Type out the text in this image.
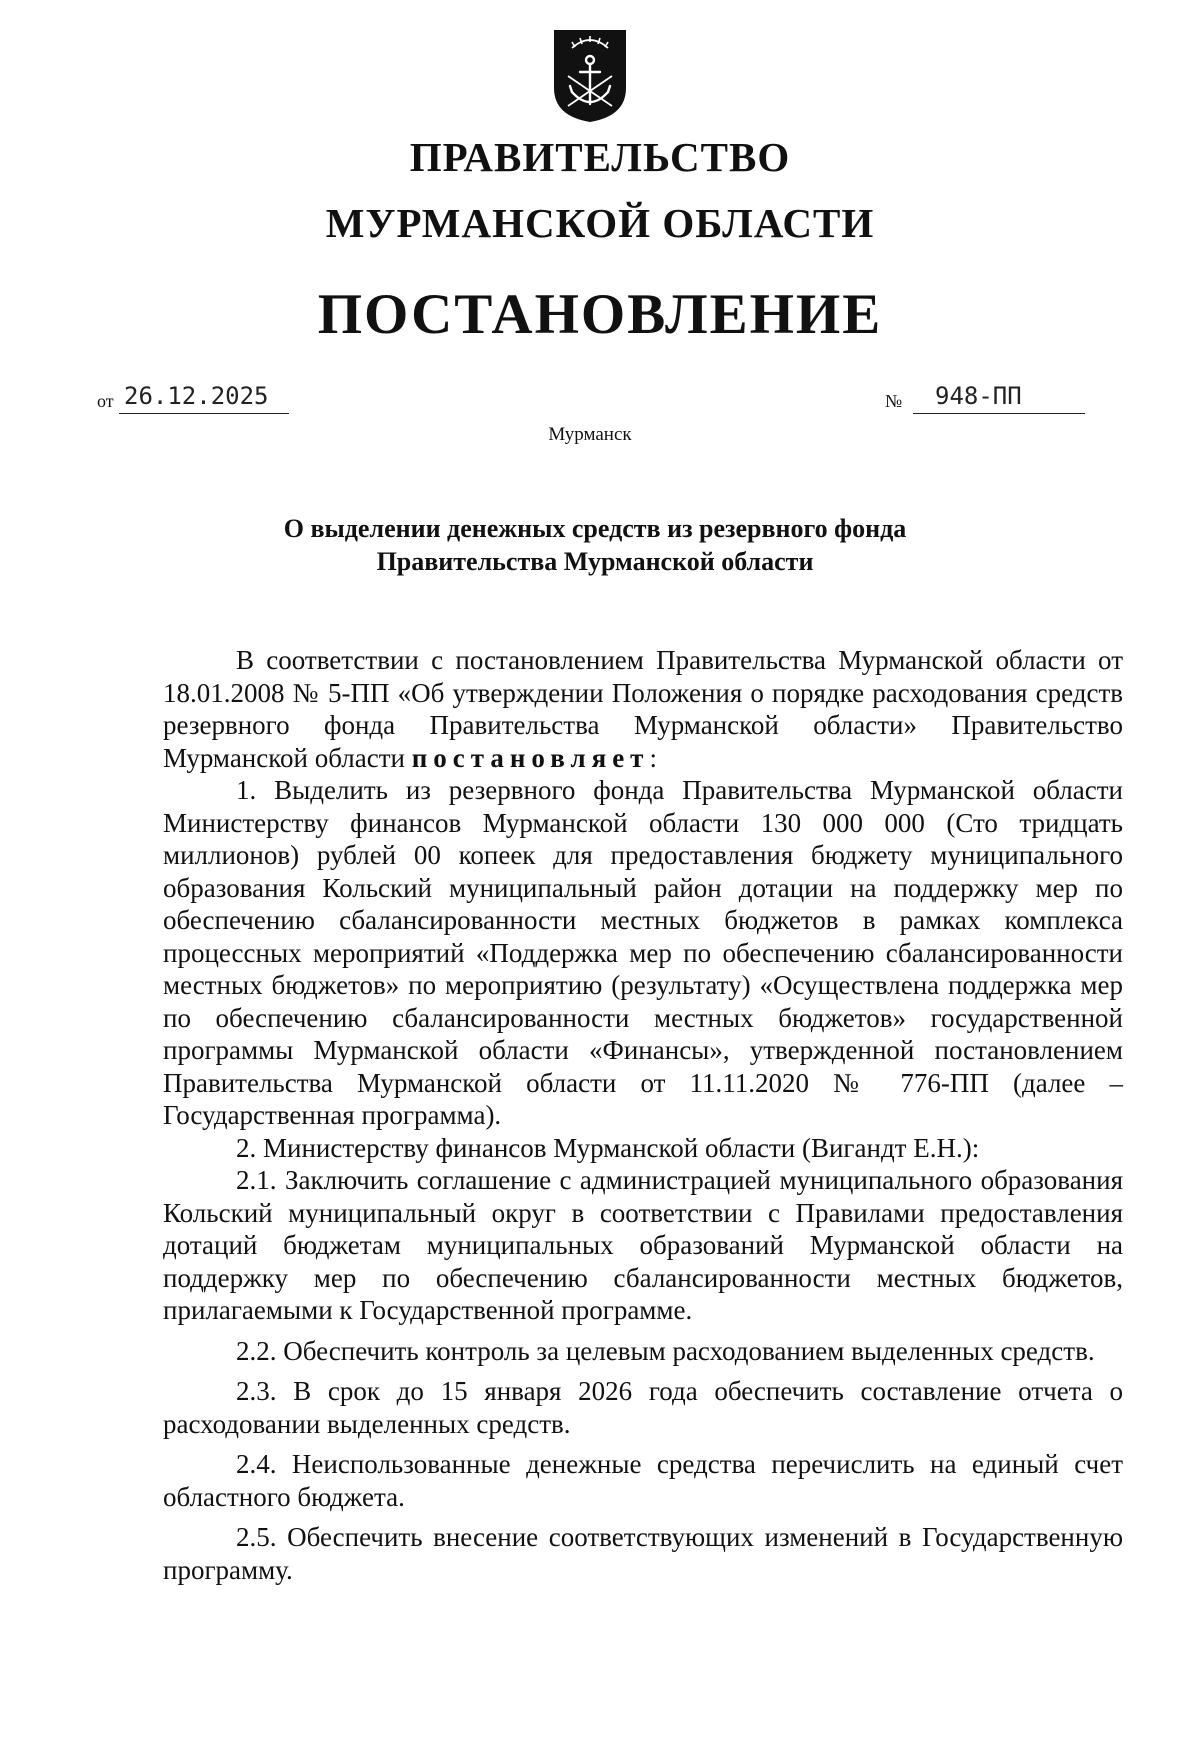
ПРАВИТЕЛЬСТВО
МУРМАНСКОЙ ОБЛАСТИ
ПОСТАНОВЛЕНИЕ
от 26.12.2025	№ 948-ПП
Мурманск
О выделении денежных средств из резервного фонда
Правительства Мурманской области

В соответствии с постановлением Правительства Мурманской области от 18.01.2008 № 5-ПП «Об утверждении Положения о порядке расходования средств резервного фонда Правительства Мурманской области» Правительство Мурманской области постановляет:

1. Выделить из резервного фонда Правительства Мурманской области Министерству финансов Мурманской области 130 000 000 (Сто тридцать миллионов) рублей 00 копеек для предоставления бюджету муниципального образования Кольский муниципальный район дотации на поддержку мер по обеспечению сбалансированности местных бюджетов в рамках комплекса процессных мероприятий «Поддержка мер по обеспечению сбалансированности местных бюджетов» по мероприятию (результату) «Осуществлена поддержка мер по обеспечению сбалансированности местных бюджетов» государственной программы Мурманской области «Финансы», утвержденной постановлением Правительства Мурманской области от 11.11.2020 № 776-ПП (далее – Государственная программа).

2. Министерству финансов Мурманской области (Вигандт Е.Н.):

2.1. Заключить соглашение с администрацией муниципального образования Кольский муниципальный округ в соответствии с Правилами предоставления дотаций бюджетам муниципальных образований Мурманской области на поддержку мер по обеспечению сбалансированности местных бюджетов, прилагаемыми к Государственной программе.

2.2. Обеспечить контроль за целевым расходованием выделенных средств.

2.3. В срок до 15 января 2026 года обеспечить составление отчета о расходовании выделенных средств.

2.4. Неиспользованные денежные средства перечислить на единый счет областного бюджета.

2.5. Обеспечить внесение соответствующих изменений в Государственную программу.
